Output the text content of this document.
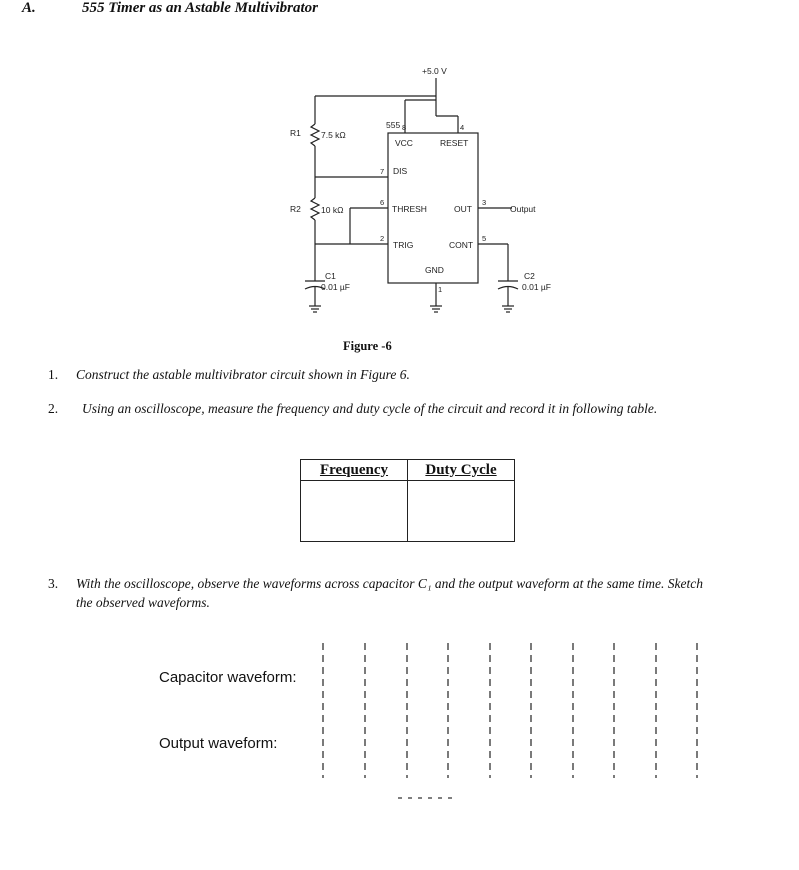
A.	555 Timer as an Astable Multivibrator
+5.0 V
R1 7.5 kΩ
R2 10 kΩ
C1
0.01 µF
C2
0.01 µF
555
VCC	RESET
DIS
THRESH	OUT
TRIG	CONT
GND
Output
8	4
7
6	3
2	5
1
Figure -6
1. Construct the astable multivibrator circuit shown in Figure 6.
2. Using an oscilloscope, measure the frequency and duty cycle of the circuit and record it in following table.
Frequency	Duty Cycle

3. With the oscilloscope, observe the waveforms across capacitor C₁ and the output waveform at the same time. Sketch
the observed waveforms.
Capacitor waveform:
Output waveform:
